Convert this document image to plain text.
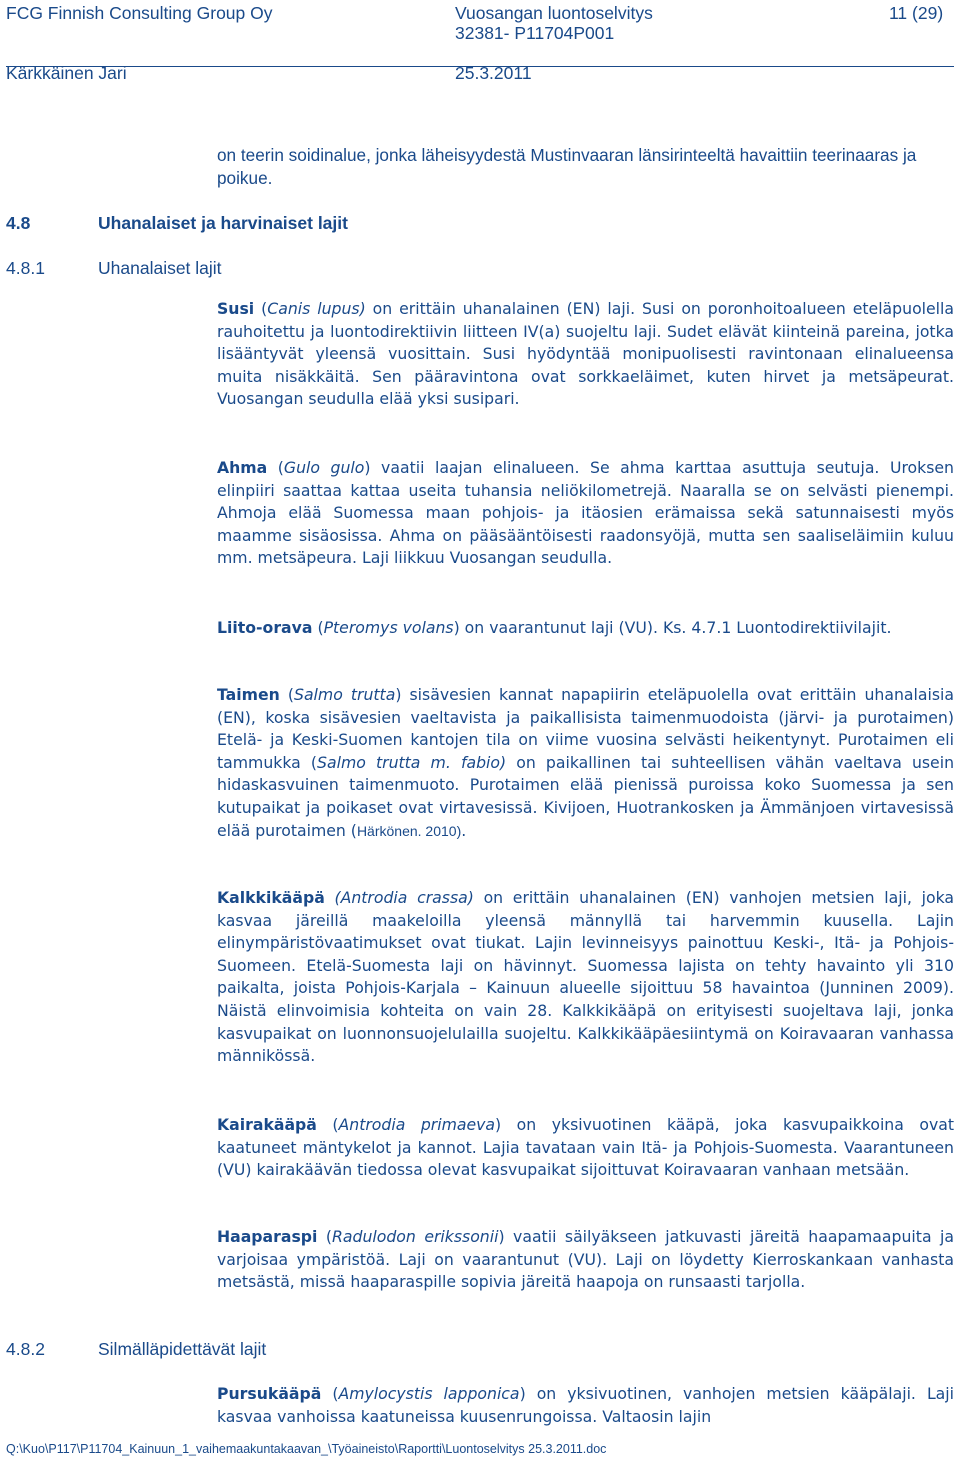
FCG Finnish Consulting Group Oy	Vuosangan luontoselvitys	11 (29)
32381- P11704P001
Kärkkäinen Jari	25.3.2011

on teerin soidinalue, jonka läheisyydestä Mustinvaaran länsirinteeltä havaittiin teerinaaras ja poikue.

4.8	Uhanalaiset ja harvinaiset lajit
4.8.1	Uhanalaiset lajit

Susi (Canis lupus) on erittäin uhanalainen (EN) laji. Susi on poronhoitoalueen eteläpuolella rauhoitettu ja luontodirektiivin liitteen IV(a) suojeltu laji. Sudet elävät kiinteinä pareina, jotka lisääntyvät yleensä vuosittain. Susi hyödyntää monipuolisesti ravintonaan elinalueensa muita nisäkkäitä. Sen pääravintona ovat sorkkaeläimet, kuten hirvet ja metsäpeurat. Vuosangan seudulla elää yksi susipari.

Ahma (Gulo gulo) vaatii laajan elinalueen. Se ahma karttaa asuttuja seutuja. Uroksen elinpiiri saattaa kattaa useita tuhansia neliökilometrejä. Naaralla se on selvästi pienempi. Ahmoja elää Suomessa maan pohjois- ja itäosien erämaissa sekä satunnaisesti myös maamme sisäosissa. Ahma on pääsääntöisesti raadonsyöjä, mutta sen saaliseläimiin kuluu mm. metsäpeura. Laji liikkuu Vuosangan seudulla.

Liito-orava (Pteromys volans) on vaarantunut laji (VU). Ks. 4.7.1 Luontodirektiivilajit.

Taimen (Salmo trutta) sisävesien kannat napapiirin eteläpuolella ovat erittäin uhanalaisia (EN), koska sisävesien vaeltavista ja paikallisista taimenmuodoista (järvi- ja purotaimen) Etelä- ja Keski-Suomen kantojen tila on viime vuosina selvästi heikentynyt. Purotaimen eli tammukka (Salmo trutta m. fabio) on paikallinen tai suhteellisen vähän vaeltava usein hidaskasvuinen taimenmuoto. Purotaimen elää pienissä puroissa koko Suomessa ja sen kutupaikat ja poikaset ovat virtavesissä. Kivijoen, Huotrankosken ja Ämmänjoen virtavesissä elää purotaimen (Härkönen. 2010).

Kalkkikääpä (Antrodia crassa) on erittäin uhanalainen (EN) vanhojen metsien laji, joka kasvaa järeillä maakeloilla yleensä männyllä tai harvemmin kuusella. Lajin elinympäristövaatimukset ovat tiukat. Lajin levinneisyys painottuu Keski-, Itä- ja Pohjois-Suomeen. Etelä-Suomesta laji on hävinnyt. Suomessa lajista on tehty havainto yli 310 paikalta, joista Pohjois-Karjala – Kainuun alueelle sijoittuu 58 havaintoa (Junninen 2009). Näistä elinvoimisia kohteita on vain 28. Kalkkikääpä on erityisesti suojeltava laji, jonka kasvupaikat on luonnonsuojelulailla suojeltu. Kalkkikääpäesiintymä on Koiravaaran vanhassa männikössä.

Kairakääpä (Antrodia primaeva) on yksivuotinen kääpä, joka kasvupaikkoina ovat kaatuneet mäntykelot ja kannot. Lajia tavataan vain Itä- ja Pohjois-Suomesta. Vaarantuneen (VU) kairakäävän tiedossa olevat kasvupaikat sijoittuvat Koiravaaran vanhaan metsään.

Haaparaspi (Radulodon erikssonii) vaatii säilyäkseen jatkuvasti järeitä haapamaapuita ja varjoisaa ympäristöä. Laji on vaarantunut (VU). Laji on löydetty Kierroskankaan vanhasta metsästä, missä haaparaspille sopivia järeitä haapoja on runsaasti tarjolla.

4.8.2	Silmälläpidettävät lajit

Pursukääpä (Amylocystis lapponica) on yksivuotinen, vanhojen metsien kääpälaji. Laji kasvaa vanhoissa kaatuneissa kuusenrungoissa. Valtaosin lajin

Q:\Kuo\P117\P11704_Kainuun_1_vaihemaakuntakaavan_\Työaineisto\Raportti\Luontoselvitys 25.3.2011.doc
